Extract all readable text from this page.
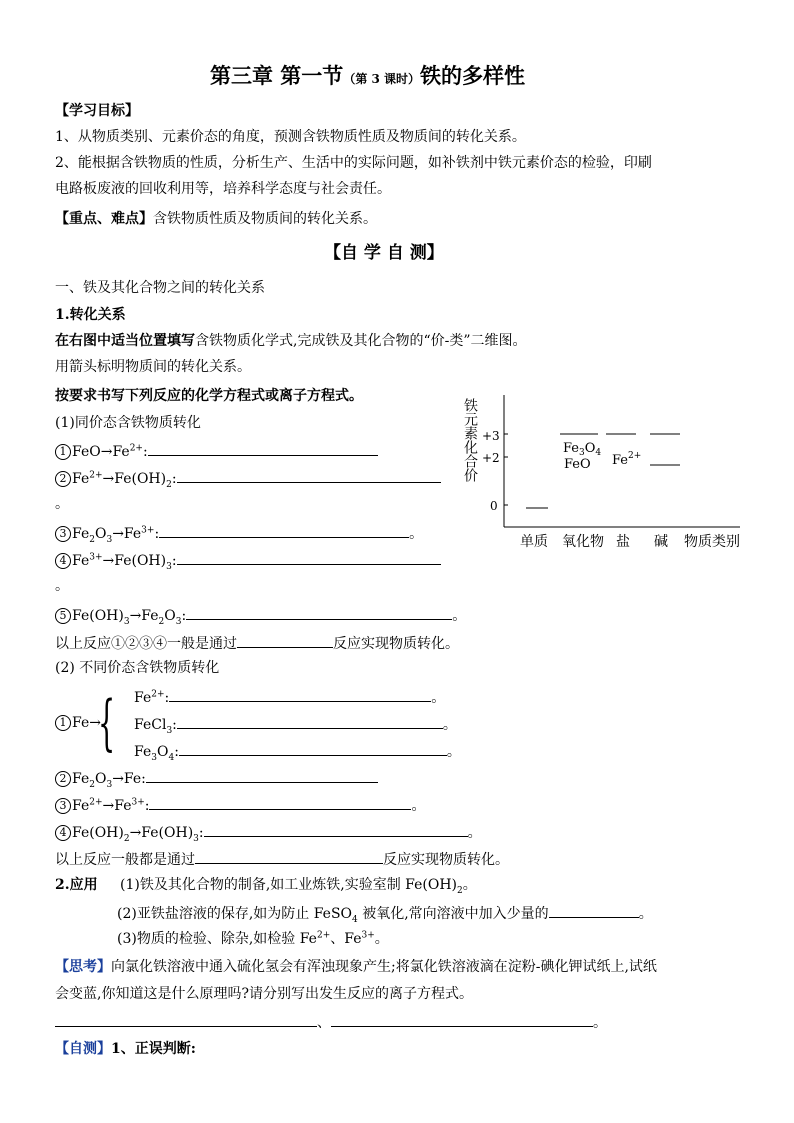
第三章 第一节（第 3 课时）铁的多样性
【学习目标】
1、从物质类别、元素价态的角度，预测含铁物质性质及物质间的转化关系。
2、能根据含铁物质的性质，分析生产、生活中的实际问题，如补铁剂中铁元素价态的检验，印刷
电路板废液的回收利用等，培养科学态度与社会责任。
【重点、难点】含铁物质性质及物质间的转化关系。
【自 学 自 测】
一、铁及其化合物之间的转化关系
1.转化关系
在右图中适当位置填写含铁物质化学式,完成铁及其化合物的“价-类”二维图。
用箭头标明物质间的转化关系。
按要求书写下列反应的化学方程式或离子方程式。
(1)同价态含铁物质转化
1 $FeO\to Fe^{2+}$:
2 $Fe^{2+}\to Fe(OH)_2$:
。
3 $Fe_2O_3\to Fe^{3+}$:	。
4 $Fe^{3+}\to Fe(OH)_3$:
。
5 $Fe(OH)_3\to Fe_2O_3$:	。
以上反应①②③④一般是通过	反应实现物质转化。
(2) 不同价态含铁物质转化
1 Fe→
{ $Fe^{2+}$:	。
FeCl$_3$:	。
$Fe_3O_4$:	。
2 $Fe_2O_3\to Fe$:
3 $Fe^{2+}\to Fe^{3+}$:	。
4 $Fe(OH)_2\to Fe(OH)_3$:	。
以上反应一般都是通过	反应实现物质转化。
2.应用 (1)铁及其化合物的制备,如工业炼铁,实验室制 $Fe(OH)_2$。
(2)亚铁盐溶液的保存,如为防止 FeSO$_4$ 被氧化,常向溶液中加入少量的	。
(3)物质的检验、除杂,如检验 $Fe^{2+}$、$Fe^{3+}$。
【思考】向氯化铁溶液中通入硫化氢会有浑浊现象产生;将氯化铁溶液滴在淀粉-碘化钾试纸上,试纸
会变蓝,你知道这是什么原理吗?请分别写出发生反应的离子方程式。
、	。
【自测】1、正误判断:
铁元素化合价 +3
+2
0
$Fe_3O_4$
FeO $Fe^{2+}$
单质 氧化物 盐 碱 物质类别
